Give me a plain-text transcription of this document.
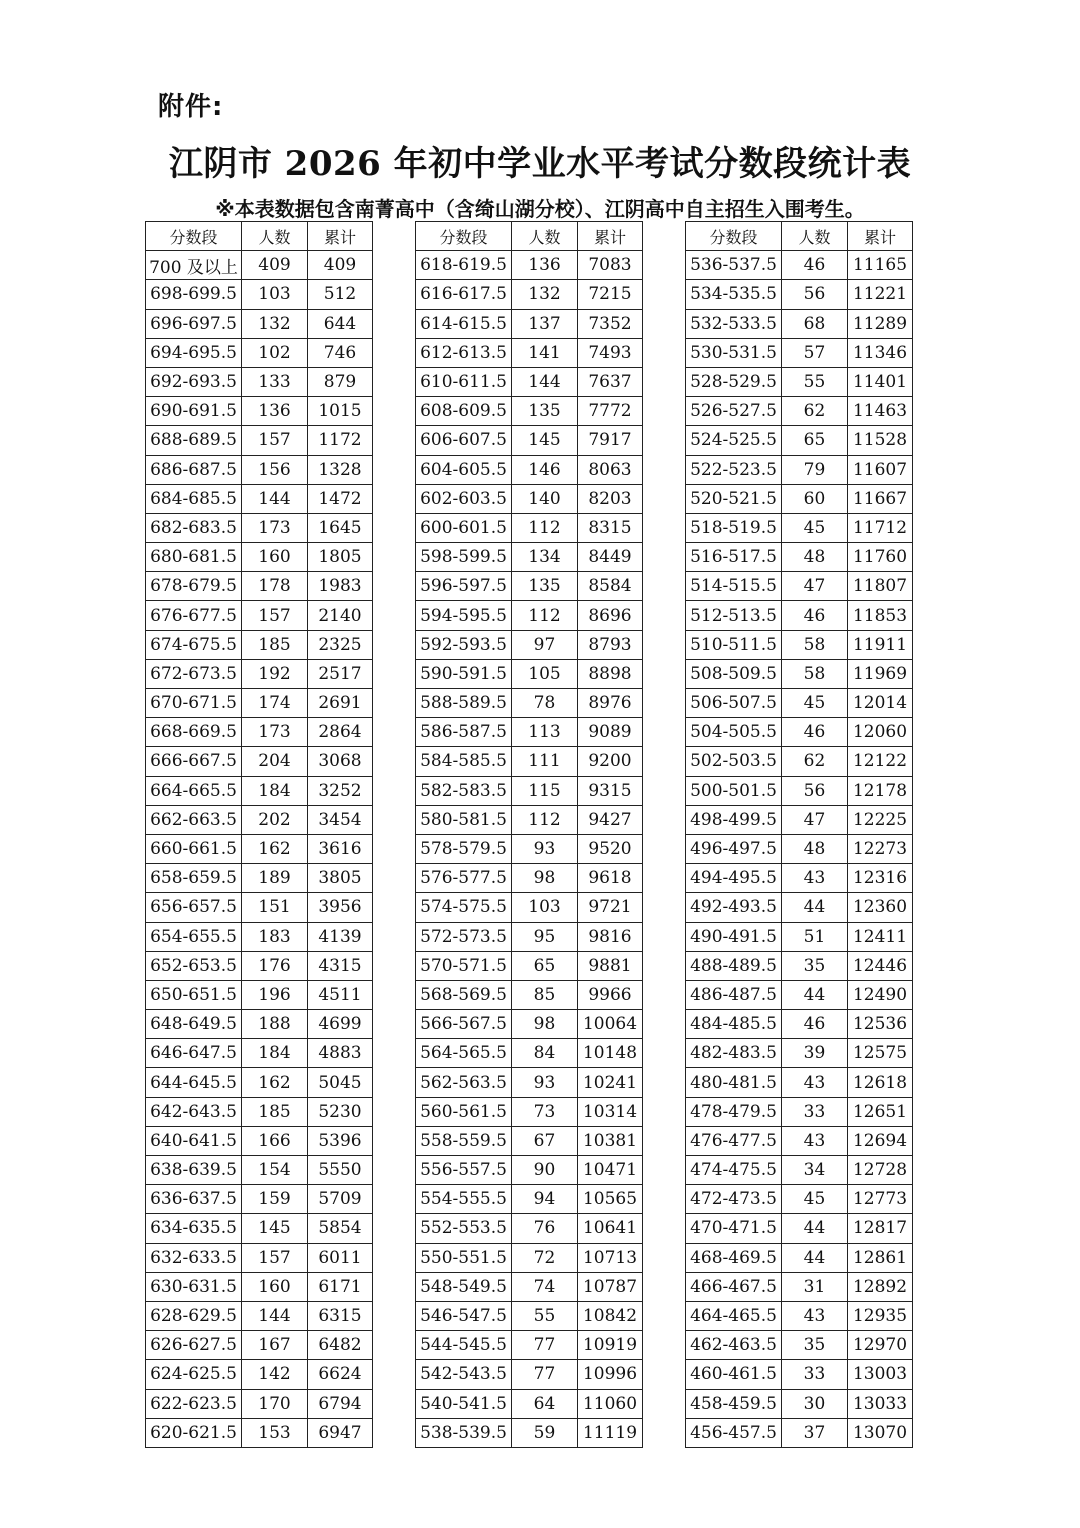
附件:
江阴市 2026 年初中学业水平考试分数段统计表
※本表数据包含南菁高中（含绮山湖分校）、江阴高中自主招生入围考生。
分数段	人数	累计
700 及以上	409	409
698-699.5	103	512
696-697.5	132	644
694-695.5	102	746
692-693.5	133	879
690-691.5	136	1015
688-689.5	157	1172
686-687.5	156	1328
684-685.5	144	1472
682-683.5	173	1645
680-681.5	160	1805
678-679.5	178	1983
676-677.5	157	2140
674-675.5	185	2325
672-673.5	192	2517
670-671.5	174	2691
668-669.5	173	2864
666-667.5	204	3068
664-665.5	184	3252
662-663.5	202	3454
660-661.5	162	3616
658-659.5	189	3805
656-657.5	151	3956
654-655.5	183	4139
652-653.5	176	4315
650-651.5	196	4511
648-649.5	188	4699
646-647.5	184	4883
644-645.5	162	5045
642-643.5	185	5230
640-641.5	166	5396
638-639.5	154	5550
636-637.5	159	5709
634-635.5	145	5854
632-633.5	157	6011
630-631.5	160	6171
628-629.5	144	6315
626-627.5	167	6482
624-625.5	142	6624
622-623.5	170	6794
620-621.5	153	6947
分数段	人数	累计
618-619.5	136	7083
616-617.5	132	7215
614-615.5	137	7352
612-613.5	141	7493
610-611.5	144	7637
608-609.5	135	7772
606-607.5	145	7917
604-605.5	146	8063
602-603.5	140	8203
600-601.5	112	8315
598-599.5	134	8449
596-597.5	135	8584
594-595.5	112	8696
592-593.5	97	8793
590-591.5	105	8898
588-589.5	78	8976
586-587.5	113	9089
584-585.5	111	9200
582-583.5	115	9315
580-581.5	112	9427
578-579.5	93	9520
576-577.5	98	9618
574-575.5	103	9721
572-573.5	95	9816
570-571.5	65	9881
568-569.5	85	9966
566-567.5	98	10064
564-565.5	84	10148
562-563.5	93	10241
560-561.5	73	10314
558-559.5	67	10381
556-557.5	90	10471
554-555.5	94	10565
552-553.5	76	10641
550-551.5	72	10713
548-549.5	74	10787
546-547.5	55	10842
544-545.5	77	10919
542-543.5	77	10996
540-541.5	64	11060
538-539.5	59	11119
分数段	人数	累计
536-537.5	46	11165
534-535.5	56	11221
532-533.5	68	11289
530-531.5	57	11346
528-529.5	55	11401
526-527.5	62	11463
524-525.5	65	11528
522-523.5	79	11607
520-521.5	60	11667
518-519.5	45	11712
516-517.5	48	11760
514-515.5	47	11807
512-513.5	46	11853
510-511.5	58	11911
508-509.5	58	11969
506-507.5	45	12014
504-505.5	46	12060
502-503.5	62	12122
500-501.5	56	12178
498-499.5	47	12225
496-497.5	48	12273
494-495.5	43	12316
492-493.5	44	12360
490-491.5	51	12411
488-489.5	35	12446
486-487.5	44	12490
484-485.5	46	12536
482-483.5	39	12575
480-481.5	43	12618
478-479.5	33	12651
476-477.5	43	12694
474-475.5	34	12728
472-473.5	45	12773
470-471.5	44	12817
468-469.5	44	12861
466-467.5	31	12892
464-465.5	43	12935
462-463.5	35	12970
460-461.5	33	13003
458-459.5	30	13033
456-457.5	37	13070
